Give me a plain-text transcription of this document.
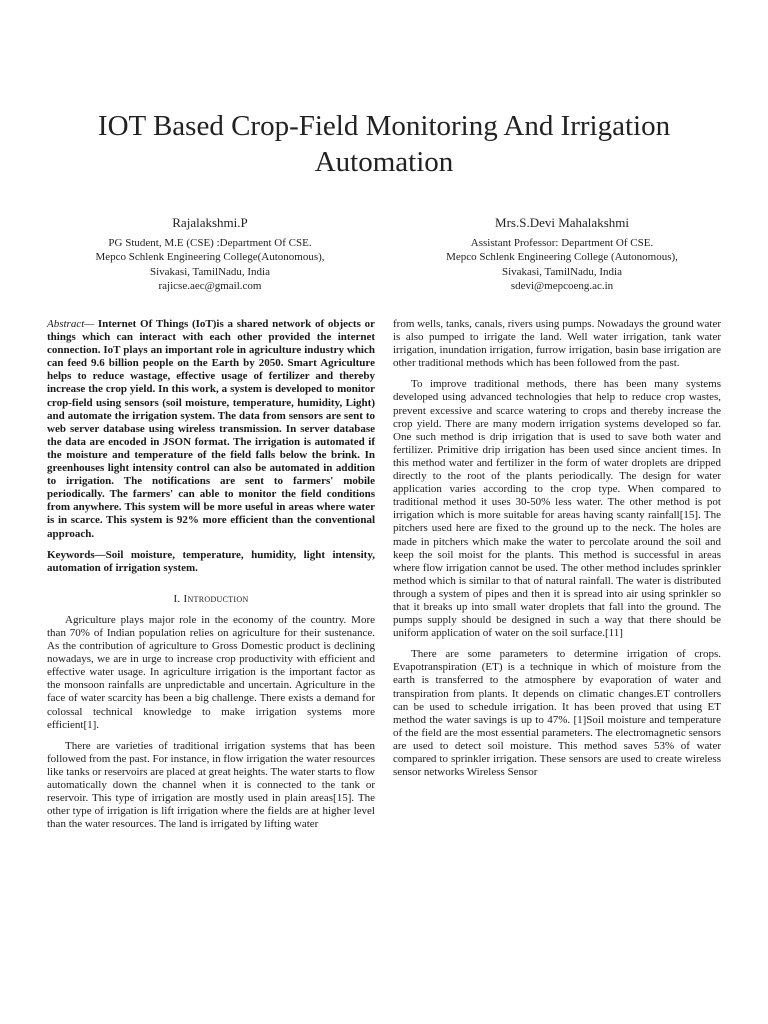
IOT Based Crop-Field Monitoring And Irrigation Automation
Rajalakshmi.P
PG Student, M.E (CSE) :Department Of CSE.
Mepco Schlenk Engineering College(Autonomous),
Sivakasi, TamilNadu, India
rajicse.aec@gmail.com
Mrs.S.Devi Mahalakshmi
Assistant Professor: Department Of CSE.
Mepco Schlenk Engineering College (Autonomous),
Sivakasi, TamilNadu, India
sdevi@mepcoeng.ac.in

Abstract— Internet Of Things (IoT)is a shared network of objects or things which can interact with each other provided the internet connection. IoT plays an important role in agriculture industry which can feed 9.6 billion people on the Earth by 2050. Smart Agriculture helps to reduce wastage, effective usage of fertilizer and thereby increase the crop yield. In this work, a system is developed to monitor crop-field using sensors (soil moisture, temperature, humidity, Light) and automate the irrigation system. The data from sensors are sent to web server database using wireless transmission. In server database the data are encoded in JSON format. The irrigation is automated if the moisture and temperature of the field falls below the brink. In greenhouses light intensity control can also be automated in addition to irrigation. The notifications are sent to farmers' mobile periodically. The farmers' can able to monitor the field conditions from anywhere. This system will be more useful in areas where water is in scarce. This system is 92% more efficient than the conventional approach.

Keywords—Soil moisture, temperature, humidity, light intensity, automation of irrigation system.

I. Introduction

Agriculture plays major role in the economy of the country. More than 70% of Indian population relies on agriculture for their sustenance. As the contribution of agriculture to Gross Domestic product is declining nowadays, we are in urge to increase crop productivity with efficient and effective water usage. In agriculture irrigation is the important factor as the monsoon rainfalls are unpredictable and uncertain. Agriculture in the face of water scarcity has been a big challenge. There exists a demand for colossal technical knowledge to make irrigation systems more efficient[1].

There are varieties of traditional irrigation systems that has been followed from the past. For instance, in flow irrigation the water resources like tanks or reservoirs are placed at great heights. The water starts to flow automatically down the channel when it is connected to the tank or reservoir. This type of irrigation are mostly used in plain areas[15]. The other type of irrigation is lift irrigation where the fields are at higher level than the water resources. The land is irrigated by lifting water

from wells, tanks, canals, rivers using pumps. Nowadays the ground water is also pumped to irrigate the land. Well water irrigation, tank water irrigation, inundation irrigation, furrow irrigation, basin base irrigation are other traditional methods which has been followed from the past.

To improve traditional methods, there has been many systems developed using advanced technologies that help to reduce crop wastes, prevent excessive and scarce watering to crops and thereby increase the crop yield. There are many modern irrigation systems developed so far. One such method is drip irrigation that is used to save both water and fertilizer. Primitive drip irrigation has been used since ancient times. In this method water and fertilizer in the form of water droplets are dripped directly to the root of the plants periodically. The design for water application varies according to the crop type. When compared to traditional method it uses 30-50% less water. The other method is pot irrigation which is more suitable for areas having scanty rainfall[15]. The pitchers used here are fixed to the ground up to the neck. The holes are made in pitchers which make the water to percolate around the soil and keep the soil moist for the plants. This method is successful in areas where flow irrigation cannot be used. The other method includes sprinkler method which is similar to that of natural rainfall. The water is distributed through a system of pipes and then it is spread into air using sprinkler so that it breaks up into small water droplets that fall into the ground. The pumps supply should be designed in such a way that there should be uniform application of water on the soil surface.[11]

There are some parameters to determine irrigation of crops. Evapotranspiration (ET) is a technique in which of moisture from the earth is transferred to the atmosphere by evaporation of water and transpiration from plants. It depends on climatic changes.ET controllers can be used to schedule irrigation. It has been proved that using ET method the water savings is up to 47%. [1]Soil moisture and temperature of the field are the most essential parameters. The electromagnetic sensors are used to detect soil moisture. This method saves 53% of water compared to sprinkler irrigation. These sensors are used to create wireless sensor networks Wireless Sensor
